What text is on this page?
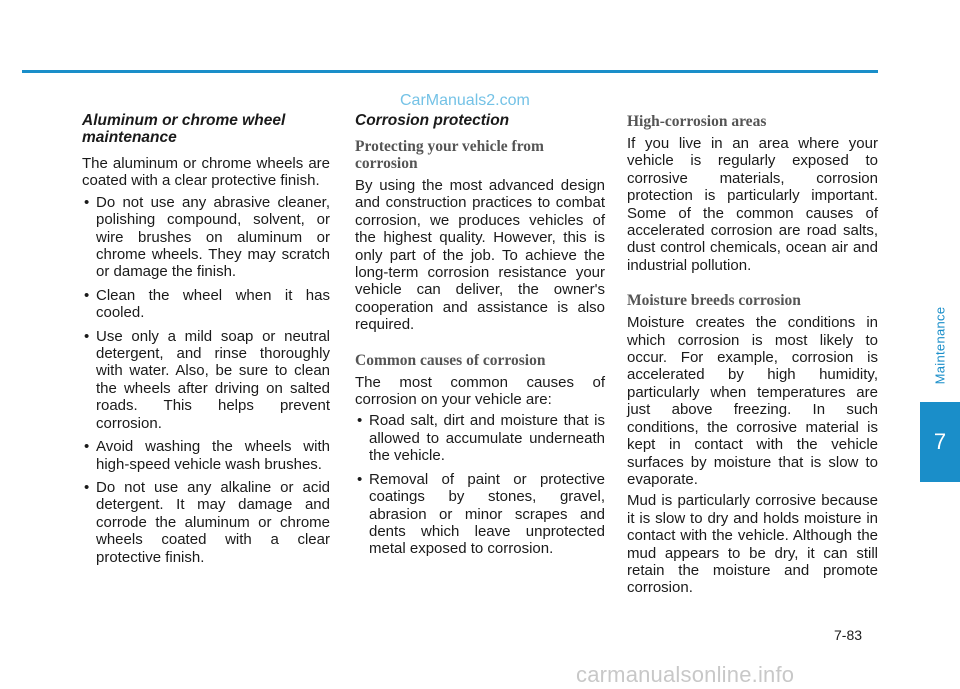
CarManuals2.com
Aluminum or chrome wheel maintenance

The aluminum or chrome wheels are coated with a clear protective finish.

• Do not use any abrasive cleaner, polishing compound, solvent, or wire brushes on aluminum or chrome wheels. They may scratch or damage the finish.
• Clean the wheel when it has cooled.
• Use only a mild soap or neutral detergent, and rinse thoroughly with water. Also, be sure to clean the wheels after driving on salted roads. This helps prevent corrosion.
• Avoid washing the wheels with high-speed vehicle wash brushes.
• Do not use any alkaline or acid detergent. It may damage and corrode the aluminum or chrome wheels coated with a clear protective finish.
Corrosion protection
Protecting your vehicle from corrosion

By using the most advanced design and construction practices to combat corrosion, we produces vehicles of the highest quality. However, this is only part of the job. To achieve the long-term corrosion resistance your vehicle can deliver, the owner's cooperation and assistance is also required.

Common causes of corrosion

The most common causes of corrosion on your vehicle are:

• Road salt, dirt and moisture that is allowed to accumulate underneath the vehicle.
• Removal of paint or protective coatings by stones, gravel, abrasion or minor scrapes and dents which leave unprotected metal exposed to corrosion.
High-corrosion areas

If you live in an area where your vehicle is regularly exposed to corrosive materials, corrosion protection is particularly important. Some of the common causes of accelerated corrosion are road salts, dust control chemicals, ocean air and industrial pollution.

Moisture breeds corrosion

Moisture creates the conditions in which corrosion is most likely to occur. For example, corrosion is accelerated by high humidity, particularly when temperatures are just above freezing. In such conditions, the corrosive material is kept in contact with the vehicle surfaces by moisture that is slow to evaporate.

Mud is particularly corrosive because it is slow to dry and holds moisture in contact with the vehicle. Although the mud appears to be dry, it can still retain the moisture and promote corrosion.

Maintenance
7
7-83
carmanualsonline.info
